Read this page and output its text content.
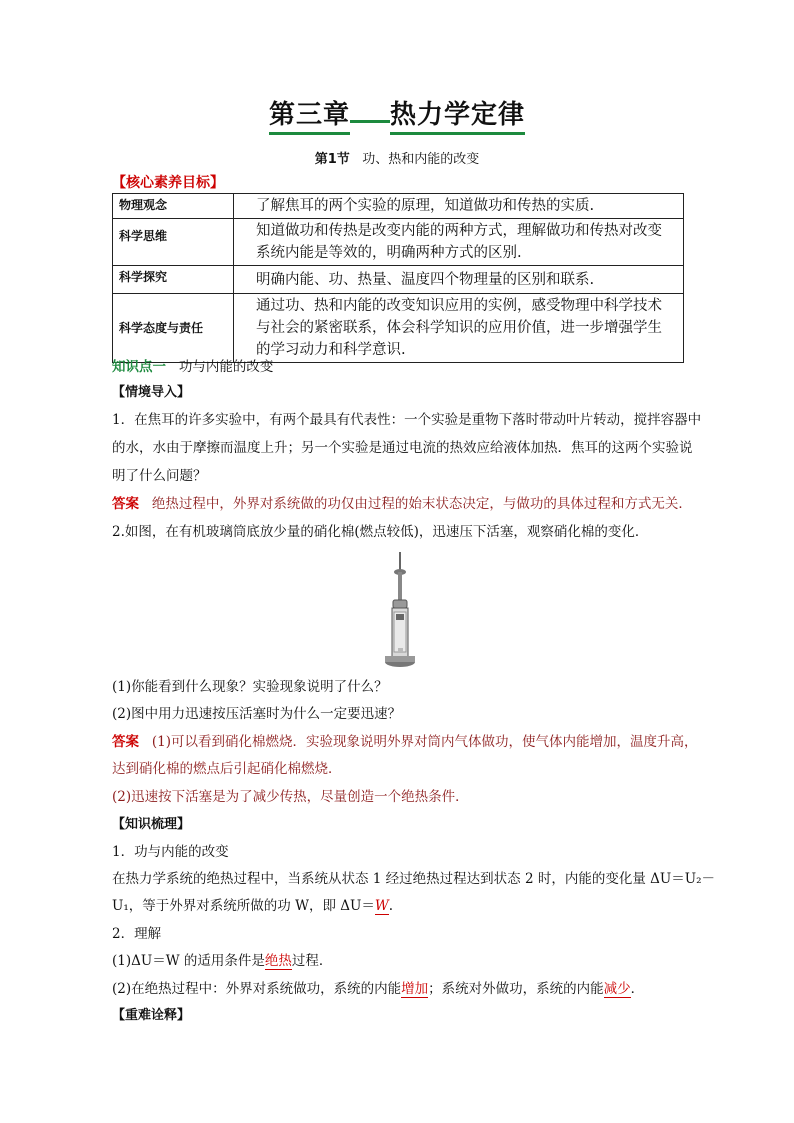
第三章 热力学定律
第1节 功、热和内能的改变
【核心素养目标】
物理观念	了解焦耳的两个实验的原理，知道做功和传热的实质.
科学思维	知道做功和传热是改变内能的两种方式，理解做功和传热对改变系统内能是等效的，明确两种方式的区别.
科学探究	明确内能、功、热量、温度四个物理量的区别和联系.
科学态度与责任	通过功、热和内能的改变知识应用的实例，感受物理中科学技术与社会的紧密联系，体会科学知识的应用价值，进一步增强学生的学习动力和科学意识.
知识点一 功与内能的改变
【情境导入】
1．在焦耳的许多实验中，有两个最具有代表性：一个实验是重物下落时带动叶片转动，搅拌容器中
的水，水由于摩擦而温度上升；另一个实验是通过电流的热效应给液体加热．焦耳的这两个实验说
明了什么问题？
答案 绝热过程中，外界对系统做的功仅由过程的始末状态决定，与做功的具体过程和方式无关．
2.如图，在有机玻璃筒底放少量的硝化棉(燃点较低)，迅速压下活塞，观察硝化棉的变化．
(1)你能看到什么现象？实验现象说明了什么？
(2)图中用力迅速按压活塞时为什么一定要迅速？
答案 (1)可以看到硝化棉燃烧．实验现象说明外界对筒内气体做功，使气体内能增加，温度升高，
达到硝化棉的燃点后引起硝化棉燃烧．
(2)迅速按下活塞是为了减少传热，尽量创造一个绝热条件．
【知识梳理】
1．功与内能的改变
在热力学系统的绝热过程中，当系统从状态 1 经过绝热过程达到状态 2 时，内能的变化量 ΔU＝U₂－
U₁，等于外界对系统所做的功 W，即 ΔU＝W.
2．理解
(1)ΔU＝W 的适用条件是绝热过程．
(2)在绝热过程中：外界对系统做功，系统的内能增加；系统对外做功，系统的内能减少．
【重难诠释】
